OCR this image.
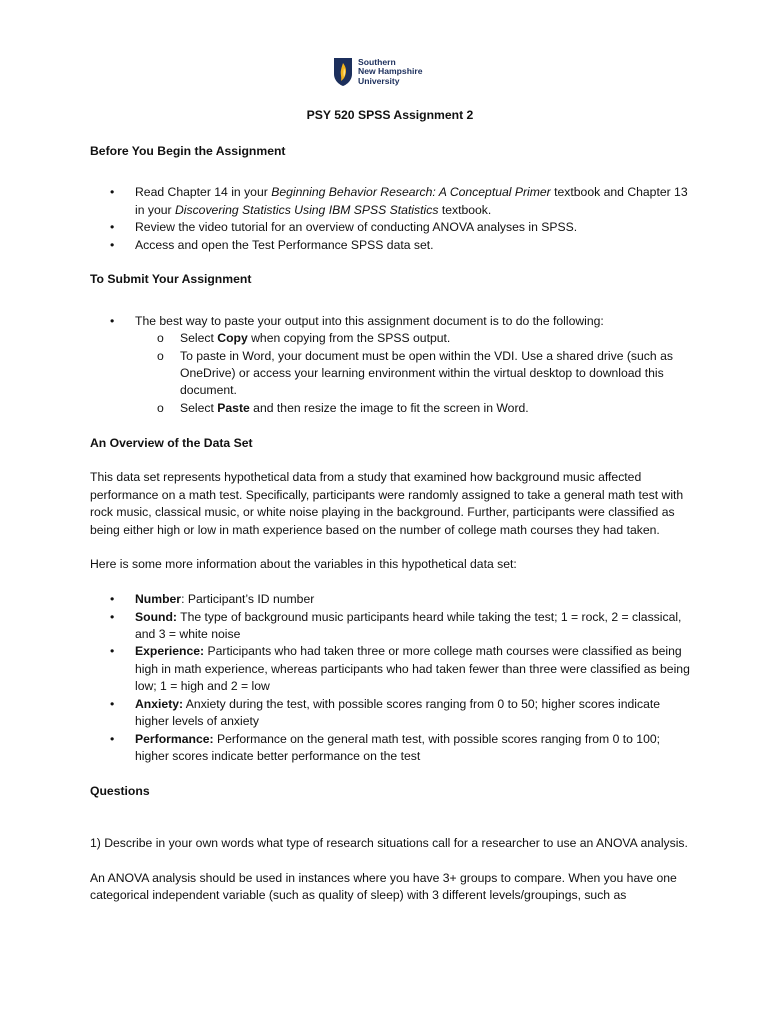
Southern
New Hampshire
University
PSY 520 SPSS Assignment 2

Before You Begin the Assignment

•	Read Chapter 14 in your Beginning Behavior Research: A Conceptual Primer textbook and Chapter 13 in your Discovering Statistics Using IBM SPSS Statistics textbook.
•	Review the video tutorial for an overview of conducting ANOVA analyses in SPSS.
•	Access and open the Test Performance SPSS data set.

To Submit Your Assignment

•	The best way to paste your output into this assignment document is to do the following:
o Select Copy when copying from the SPSS output.
o To paste in Word, your document must be open within the VDI. Use a shared drive (such as OneDrive) or access your learning environment within the virtual desktop to download this document.
o Select Paste and then resize the image to fit the screen in Word.

An Overview of the Data Set

This data set represents hypothetical data from a study that examined how background music affected performance on a math test. Specifically, participants were randomly assigned to take a general math test with rock music, classical music, or white noise playing in the background. Further, participants were classified as being either high or low in math experience based on the number of college math courses they had taken.

Here is some more information about the variables in this hypothetical data set:

•	Number: Participant’s ID number
•	Sound: The type of background music participants heard while taking the test; 1 = rock, 2 = classical, and 3 = white noise
•	Experience: Participants who had taken three or more college math courses were classified as being high in math experience, whereas participants who had taken fewer than three were classified as being low; 1 = high and 2 = low
•	Anxiety: Anxiety during the test, with possible scores ranging from 0 to 50; higher scores indicate higher levels of anxiety
•	Performance: Performance on the general math test, with possible scores ranging from 0 to 100; higher scores indicate better performance on the test

Questions

1) Describe in your own words what type of research situations call for a researcher to use an ANOVA analysis.

An ANOVA analysis should be used in instances where you have 3+ groups to compare. When you have one categorical independent variable (such as quality of sleep) with 3 different levels/groupings, such as
